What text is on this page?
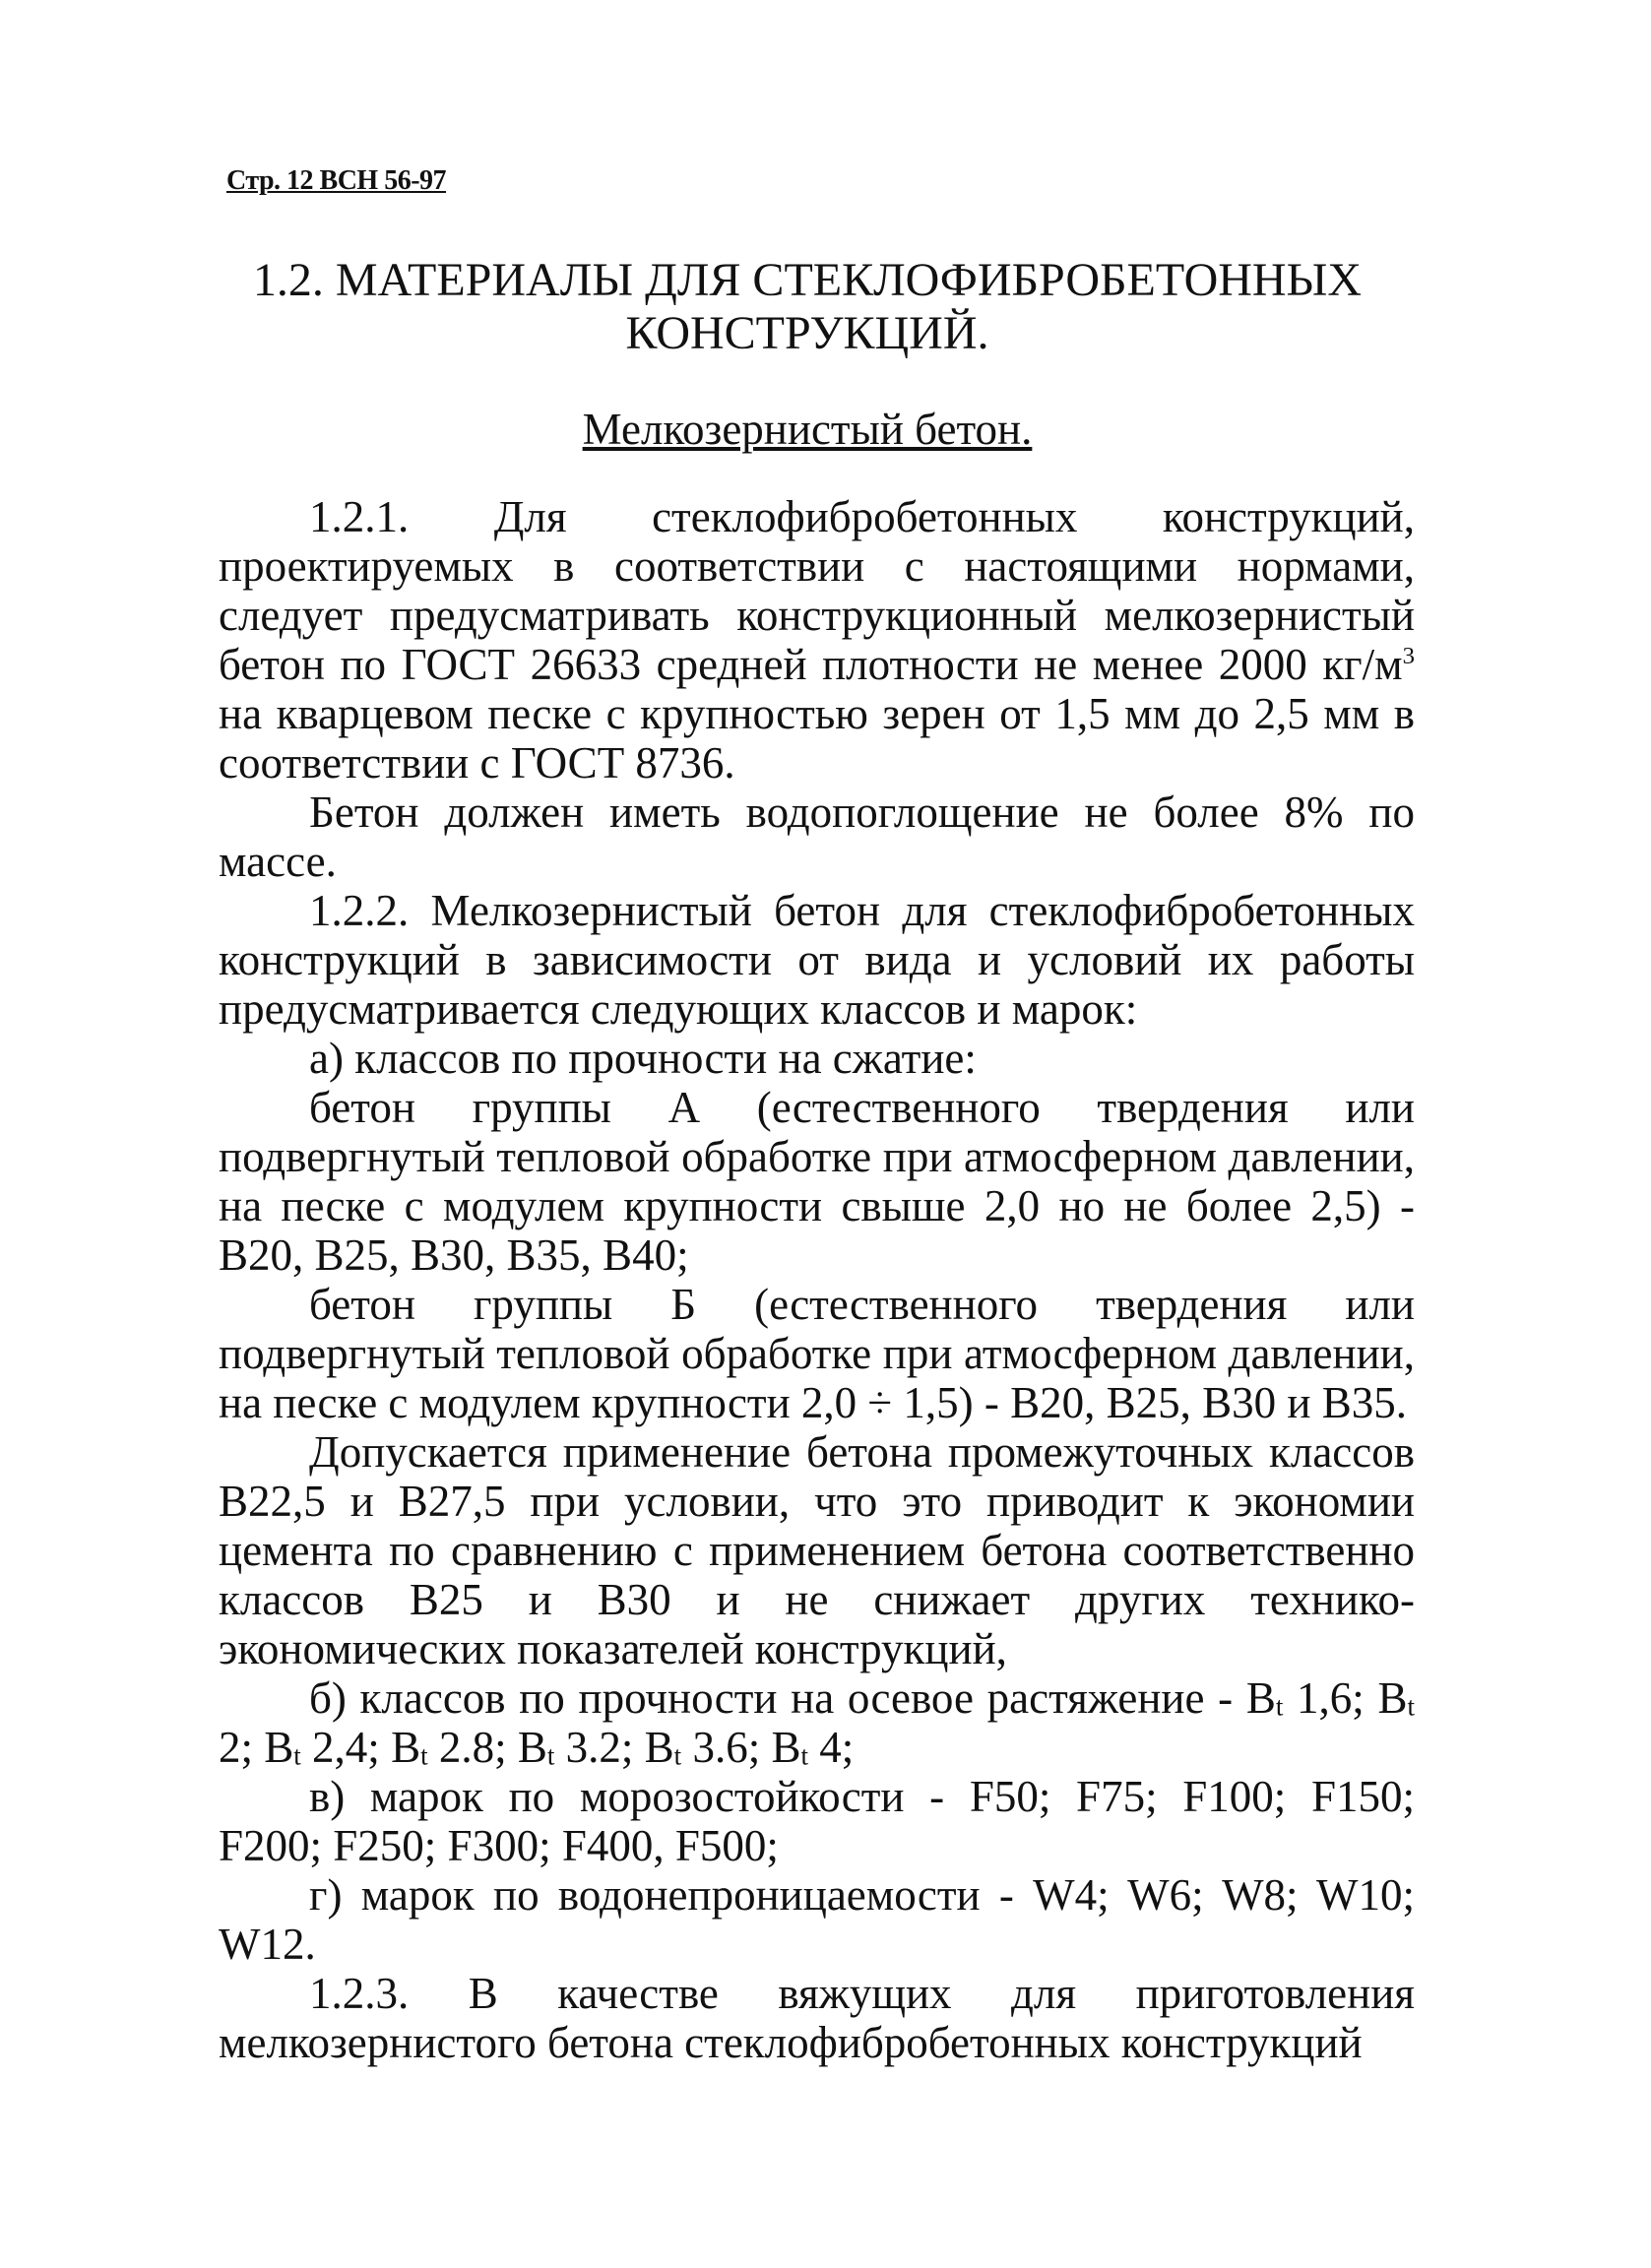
Стр. 12 ВСН 56-97
1.2. МАТЕРИАЛЫ ДЛЯ СТЕКЛОФИБРОБЕТОННЫХ
КОНСТРУКЦИЙ.
Мелкозернистый бетон.

1.2.1. Для стеклофибробетонных конструкций, проектируемых в соответствии с настоящими нормами, следует предусматривать конструкционный мелкозернистый бетон по ГОСТ 26633 средней плотности не менее 2000 $кг/м^3$ на кварцевом песке с крупностью зерен от 1,5 мм до 2,5 мм в соответствии с ГОСТ 8736.

Бетон должен иметь водопоглощение не более 8% по массе.

1.2.2. Мелкозернистый бетон для стеклофибробетонных конструкций в зависимости от вида и условий их работы предусматривается следующих классов и марок:

а) классов по прочности на сжатие:

бетон группы А (естественного твердения или подвергнутый тепловой обработке при атмосферном давлении, на песке с модулем крупности свыше 2,0 но не более 2,5) - В20, В25, В30, В35, В40;

бетон группы Б (естественного твердения или подвергнутый тепловой обработке при атмосферном давлении, на песке с модулем крупности 2,0 ÷ 1,5) - В20, В25, В30 и В35.

Допускается применение бетона промежуточных классов В22,5 и В27,5 при условии, что это приводит к экономии цемента по сравнению с применением бетона соответственно классов В25 и В30 и не снижает других технико-экономических показателей конструкций,

б) классов по прочности на осевое растяжение - $B_t$ 1,6; $B_t$ 2; $B_t$ 2,4; $B_t$ 2.8; $B_t$ 3.2; $B_t$ 3.6; $B_t$ 4;

в) марок по морозостойкости - F50; F75; F100; F150; F200; F250; F300; F400, F500;

г) марок по водонепроницаемости - W4; W6; W8; W10; W12.

1.2.3. В качестве вяжущих для приготовления мелкозернистого бетона стеклофибробетонных конструкций
